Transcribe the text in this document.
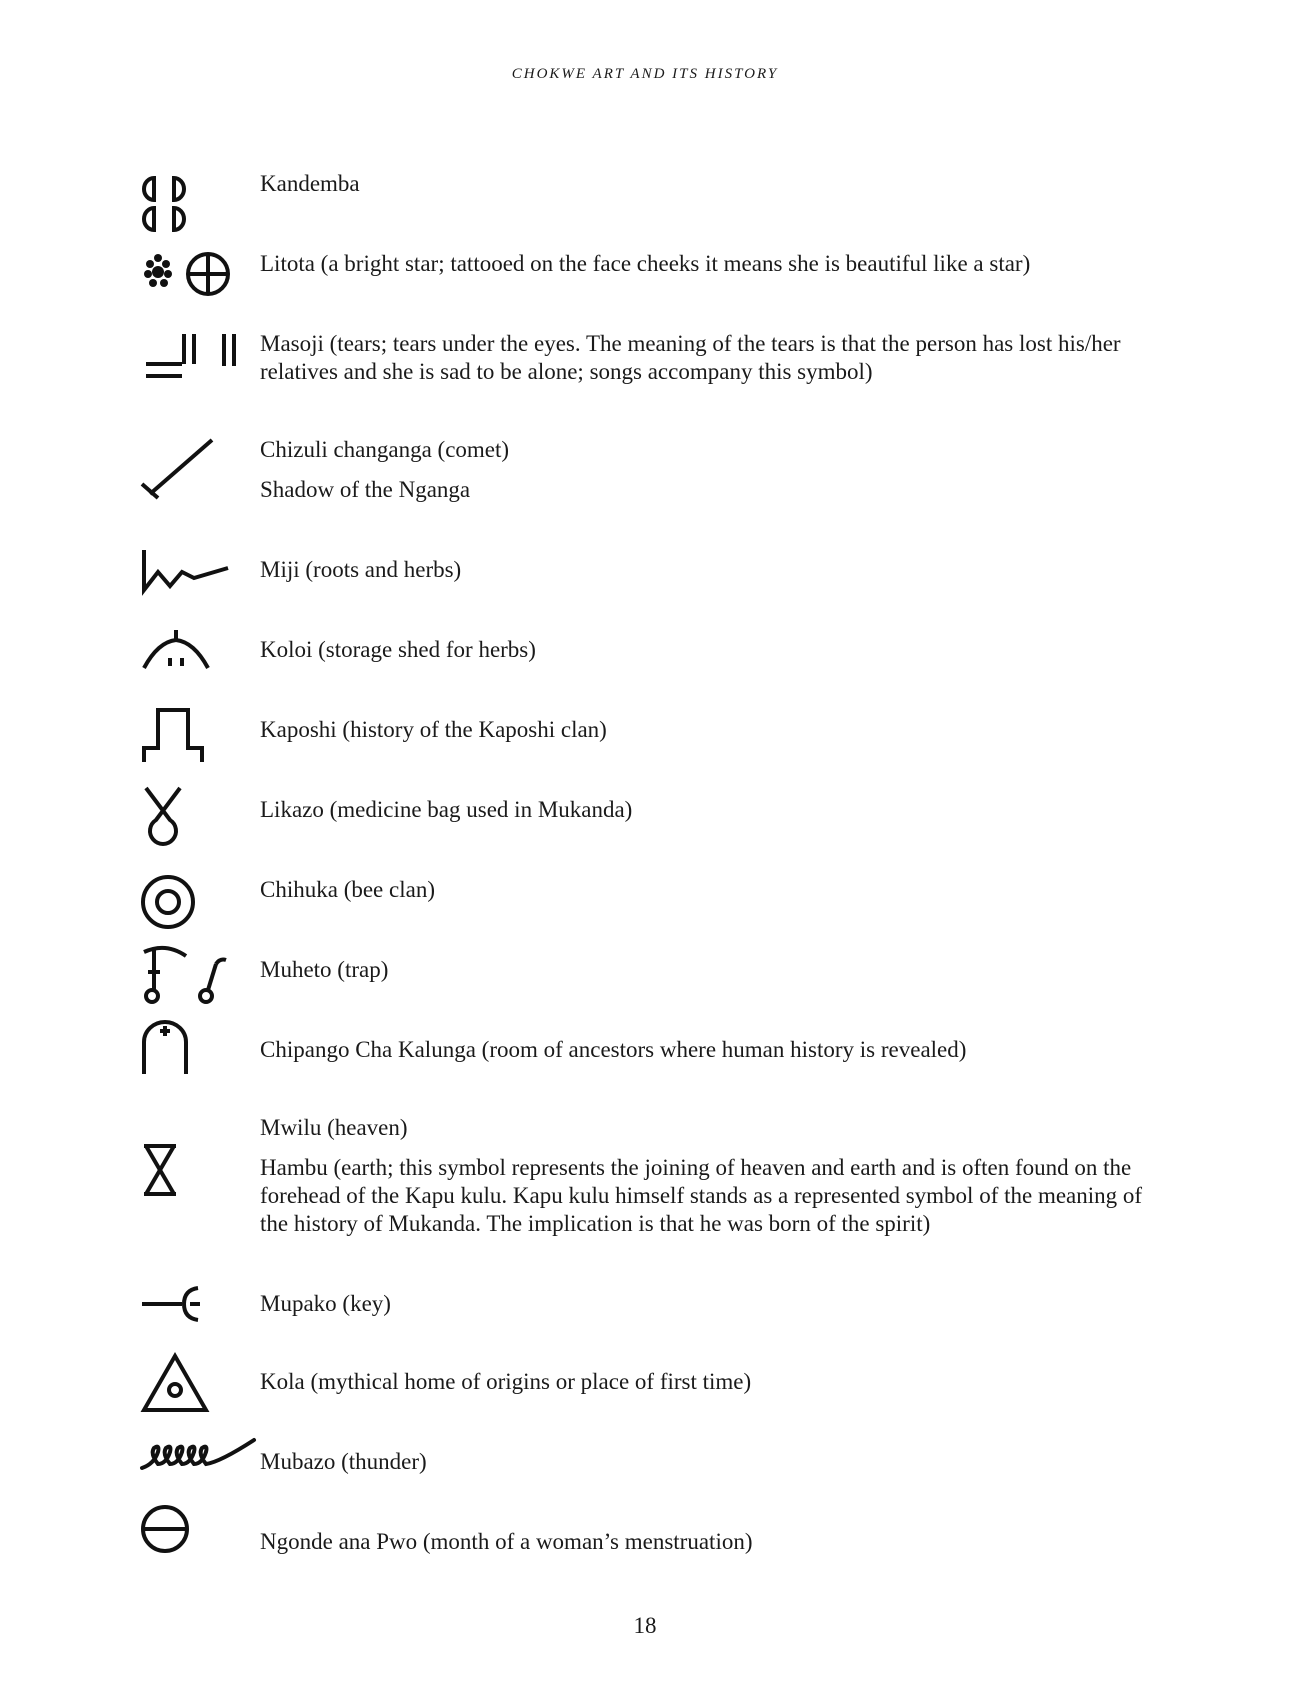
CHOKWE ART AND ITS HISTORY
Kandemba
Litota (a bright star; tattooed on the face cheeks it means she is beautiful like a star)
Masoji (tears; tears under the eyes. The meaning of the tears is that the person has lost his/her relatives and she is sad to be alone; songs accompany this symbol)
Chizuli changanga (comet)
Shadow of the Nganga
Miji (roots and herbs)
Koloi (storage shed for herbs)
Kaposhi (history of the Kaposhi clan)
Likazo (medicine bag used in Mukanda)
Chihuka (bee clan)
Muheto (trap)
Chipango Cha Kalunga (room of ancestors where human history is revealed)
Mwilu (heaven)
Hambu (earth; this symbol represents the joining of heaven and earth and is often found on the forehead of the Kapu kulu. Kapu kulu himself stands as a represented symbol of the meaning of the history of Mukanda. The implication is that he was born of the spirit)
Mupako (key)
Kola (mythical home of origins or place of first time)
Mubazo (thunder)
Ngonde ana Pwo (month of a woman’s menstruation)
18
